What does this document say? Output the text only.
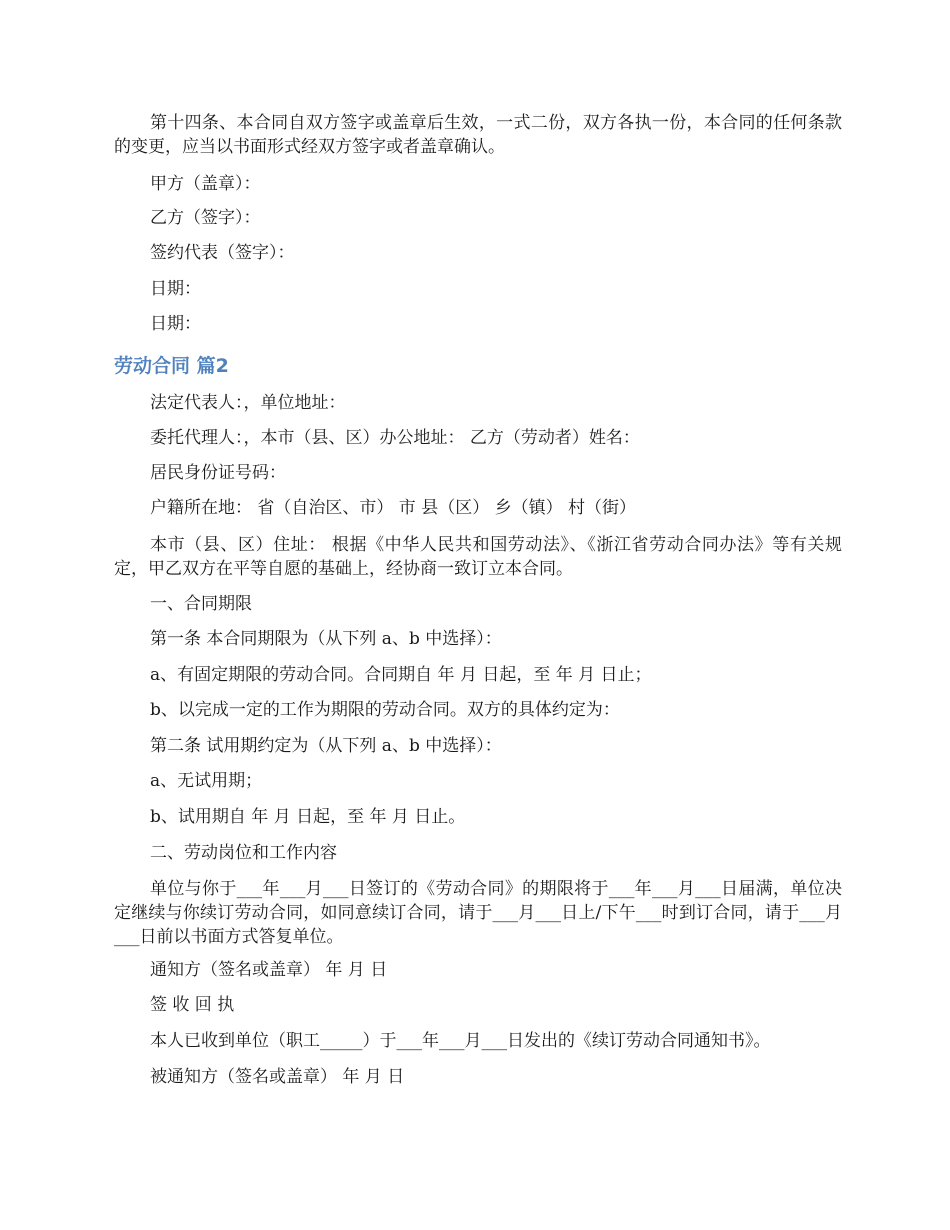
第十四条、本合同自双方签字或盖章后生效，一式二份，双方各执一份，本合同的任何条款的变更，应当以书面形式经双方签字或者盖章确认。
甲方（盖章）：
乙方（签字）：
签约代表（签字）：
日期：
日期：
劳动合同 篇2
法定代表人：，单位地址：
委托代理人：，本市（县、区）办公地址： 乙方（劳动者）姓名：
居民身份证号码：
户籍所在地： 省（自治区、市） 市 县（区） 乡（镇） 村（街）
本市（县、区）住址： 根据《中华人民共和国劳动法》、《浙江省劳动合同办法》等有关规定，甲乙双方在平等自愿的基础上，经协商一致订立本合同。
一、合同期限
第一条 本合同期限为（从下列 a、b 中选择）：
a、有固定期限的劳动合同。合同期自 年 月 日起，至 年 月 日止；
b、以完成一定的工作为期限的劳动合同。双方的具体约定为：
第二条 试用期约定为（从下列 a、b 中选择）：
a、无试用期；
b、试用期自 年 月 日起，至 年 月 日止。
二、劳动岗位和工作内容
单位与你于___年___月___日签订的《劳动合同》的期限将于___年___月___日届满，单位决定继续与你续订劳动合同，如同意续订合同，请于___月___日上/下午___时到订合同，请于___月___日前以书面方式答复单位。
通知方（签名或盖章） 年 月 日
签 收 回 执
本人已收到单位（职工_____）于___年___月___日发出的《续订劳动合同通知书》。
被通知方（签名或盖章） 年 月 日
